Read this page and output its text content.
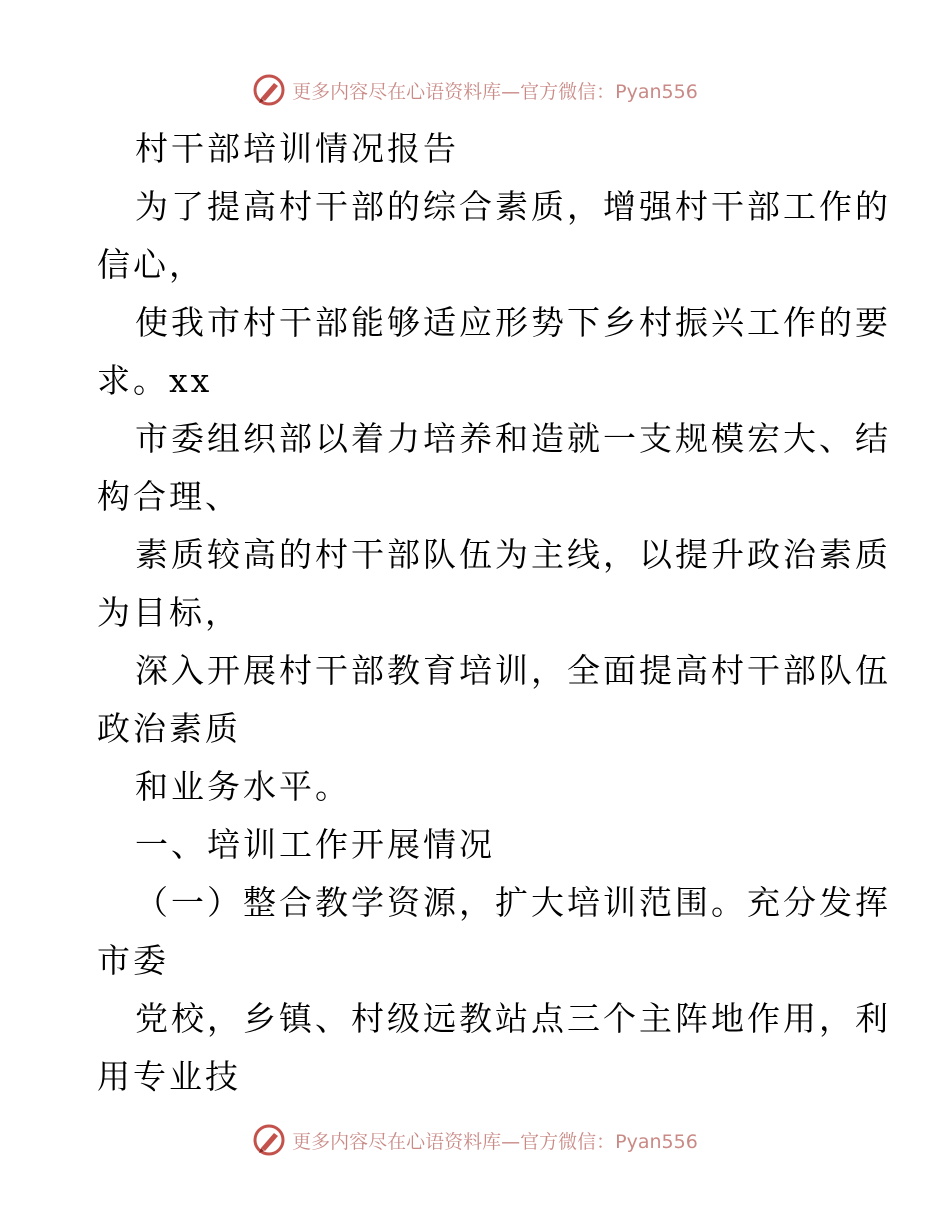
更多内容尽在心语资料库—官方微信：Pyan556
村干部培训情况报告
为了提高村干部的综合素质，增强村干部工作的
信心，
使我市村干部能够适应形势下乡村振兴工作的要
求。xx
市委组织部以着力培养和造就一支规模宏大、结
构合理、
素质较高的村干部队伍为主线，以提升政治素质
为目标，
深入开展村干部教育培训，全面提高村干部队伍
政治素质
和业务水平。
一、培训工作开展情况
（一）整合教学资源，扩大培训范围。充分发挥
市委
党校，乡镇、村级远教站点三个主阵地作用，利
用专业技
更多内容尽在心语资料库—官方微信：Pyan556
